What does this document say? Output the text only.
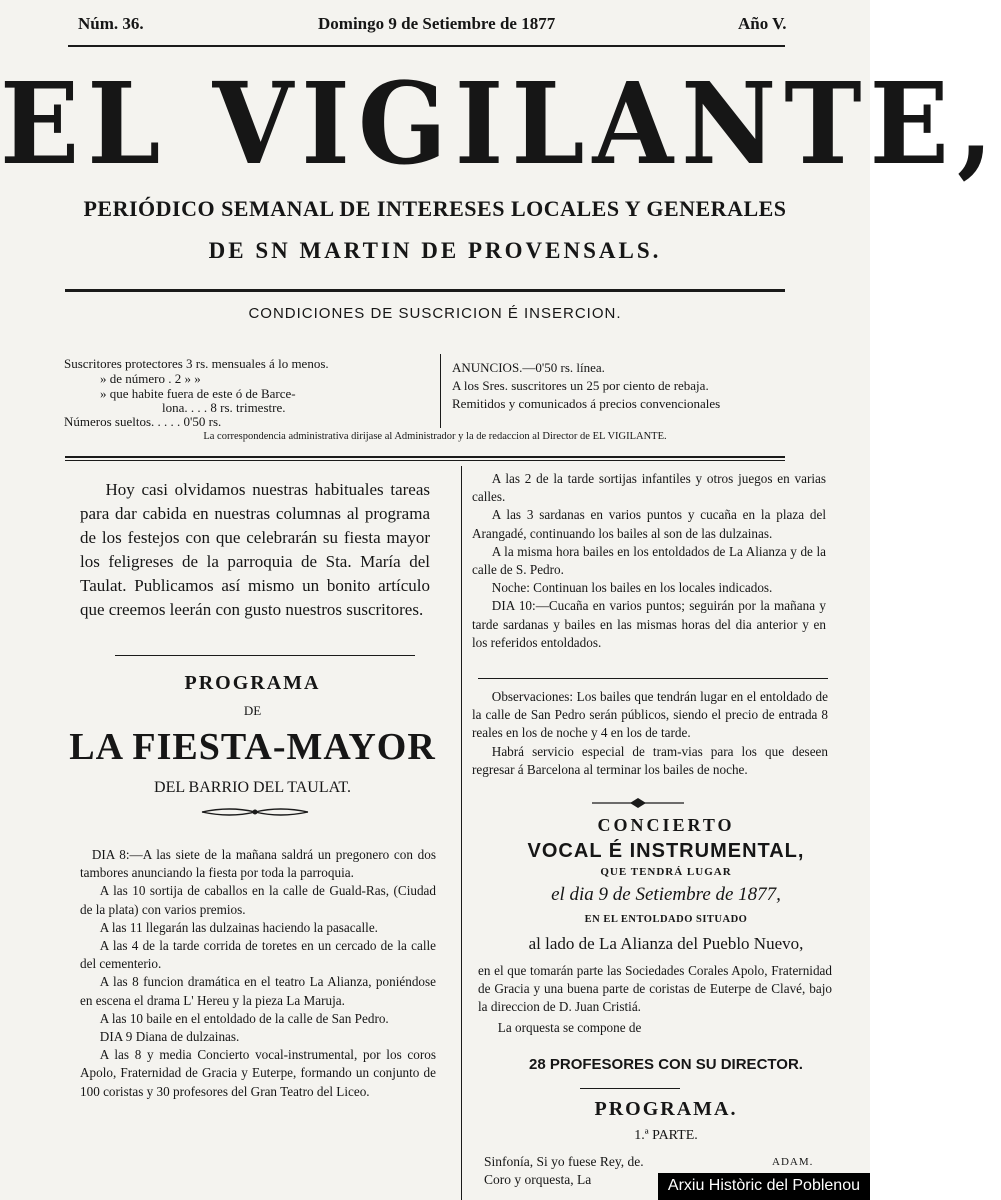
Núm. 36.	Domingo 9 de Setiembre de 1877	Año V.
EL VIGILANTE,
PERIÓDICO SEMANAL DE INTERESES LOCALES Y GENERALES
DE SN MARTIN DE PROVENSALS.
CONDICIONES DE SUSCRICION É INSERCION.
Suscritores protectores 3 rs. mensuales á lo menos.
» de número . 2 » »
» que habite fuera de este ó de Barce-
lona. . . . 8 rs. trimestre.
Números sueltos. . . . . 0'50 rs.
ANUNCIOS.—0'50 rs. línea.
A los Sres. suscritores un 25 por ciento de rebaja.
Remitidos y comunicados á precios convencionales
La correspondencia administrativa dirijase al Administrador y la de redaccion al Director de EL VIGILANTE.

Hoy casi olvidamos nuestras habituales tareas para dar cabida en nuestras columnas al programa de los festejos con que celebrarán su fiesta mayor los feligreses de la parroquia de Sta. María del Taulat. Publicamos así mismo un bonito artículo que creemos leerán con gusto nuestros suscritores.

PROGRAMA
DE
LA FIESTA-MAYOR
DEL BARRIO DEL TAULAT.

DIA 8:—A las siete de la mañana saldrá un pregonero con dos tambores anunciando la fiesta por toda la parroquia.

A las 10 sortija de caballos en la calle de Guald-Ras, (Ciudad de la plata) con varios premios.

A las 11 llegarán las dulzainas haciendo la pasacalle.

A las 4 de la tarde corrida de toretes en un cercado de la calle del cementerio.

A las 8 funcion dramática en el teatro La Alianza, poniéndose en escena el drama L' Hereu y la pieza La Maruja.

A las 10 baile en el entoldado de la calle de San Pedro.

DIA 9 Diana de dulzainas.

A las 8 y media Concierto vocal-instrumental, por los coros Apolo, Fraternidad de Gracia y Euterpe, formando un conjunto de 100 coristas y 30 profesores del Gran Teatro del Liceo.

A las 2 de la tarde sortijas infantiles y otros juegos en varias calles.

A las 3 sardanas en varios puntos y cucaña en la plaza del Arangadé, continuando los bailes al son de las dulzainas.

A la misma hora bailes en los entoldados de La Alianza y de la calle de S. Pedro.

Noche: Continuan los bailes en los locales indicados.

DIA 10:—Cucaña en varios puntos; seguirán por la mañana y tarde sardanas y bailes en las mismas horas del dia anterior y en los referidos entoldados.

Observaciones: Los bailes que tendrán lugar en el entoldado de la calle de San Pedro serán públicos, siendo el precio de entrada 8 reales en los de noche y 4 en los de tarde.

Habrá servicio especial de tram-vias para los que deseen regresar á Barcelona al terminar los bailes de noche.

CONCIERTO
VOCAL É INSTRUMENTAL,
QUE TENDRÁ LUGAR
el dia 9 de Setiembre de 1877,
EN EL ENTOLDADO SITUADO
al lado de La Alianza del Pueblo Nuevo,

en el que tomarán parte las Sociedades Corales Apolo, Fraternidad de Gracia y una buena parte de coristas de Euterpe de Clavé, bajo la direccion de D. Juan Cristiá.

La orquesta se compone de

28 PROFESORES CON SU DIRECTOR.
PROGRAMA.
1.ª PARTE.
Sinfonía, Si yo fuese Rey, de.	ADAM.
Coro y orquesta, La	Arxiu Històric del Poblenou
